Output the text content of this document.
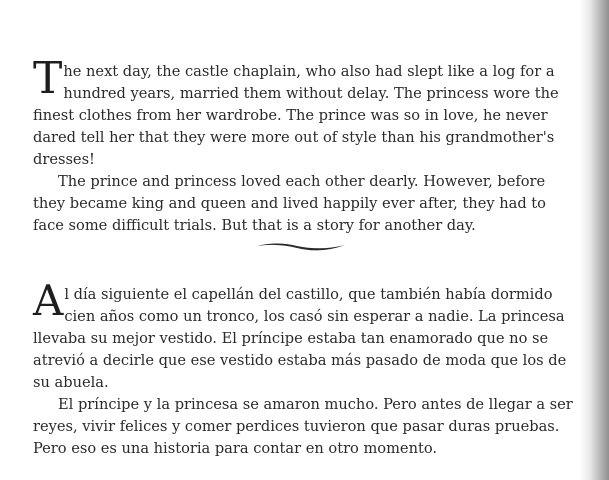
The next day, the castle chaplain, who also had slept like a log for a hundred years, married them without delay. The princess wore the finest clothes from her wardrobe. The prince was so in love, he never dared tell her that they were more out of style than his grandmother's dresses!

The prince and princess loved each other dearly. However, before they became king and queen and lived happily ever after, they had to face some difficult trials. But that is a story for another day.

Al día siguiente el capellán del castillo, que también había dormido cien años como un tronco, los casó sin esperar a nadie. La princesa llevaba su mejor vestido. El príncipe estaba tan enamorado que no se atrevió a decirle que ese vestido estaba más pasado de moda que los de su abuela.

El príncipe y la princesa se amaron mucho. Pero antes de llegar a ser reyes, vivir felices y comer perdices tuvieron que pasar duras pruebas. Pero eso es una historia para contar en otro momento.
